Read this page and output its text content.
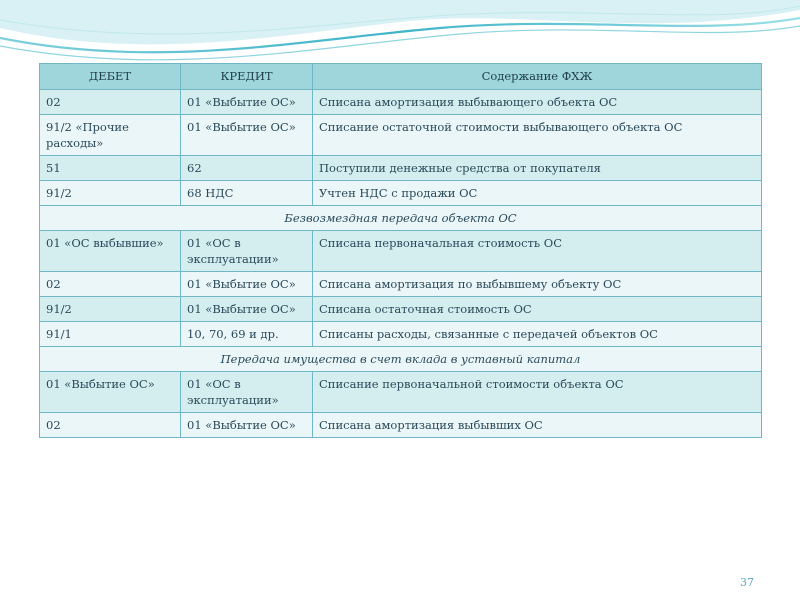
ДЕБЕТ	КРЕДИТ	Содержание ФХЖ
02	01 «Выбытие ОС»	Списана амортизация выбывающего объекта ОС
91/2 «Прочие расходы»	01 «Выбытие ОС»	Списание остаточной стоимости выбывающего объекта ОС
51	62	Поступили денежные средства от покупателя
91/2	68 НДС	Учтен НДС с продажи ОС
Безвозмездная передача объекта ОС		
01 «ОС выбывшие»	01 «ОС в эксплуатации»	Списана первоначальная стоимость ОС
02	01 «Выбытие ОС»	Списана амортизация по выбывшему объекту ОС
91/2	01 «Выбытие ОС»	Списана остаточная стоимость ОС
91/1	10, 70, 69 и др.	Списаны расходы, связанные с передачей объектов ОС
Передача имущества в счет вклада в уставный капитал		
01 «Выбытие ОС»	01 «ОС в эксплуатации»	Списание первоначальной стоимости объекта ОС
02	01 «Выбытие ОС»	Списана амортизация выбывших ОС
37
